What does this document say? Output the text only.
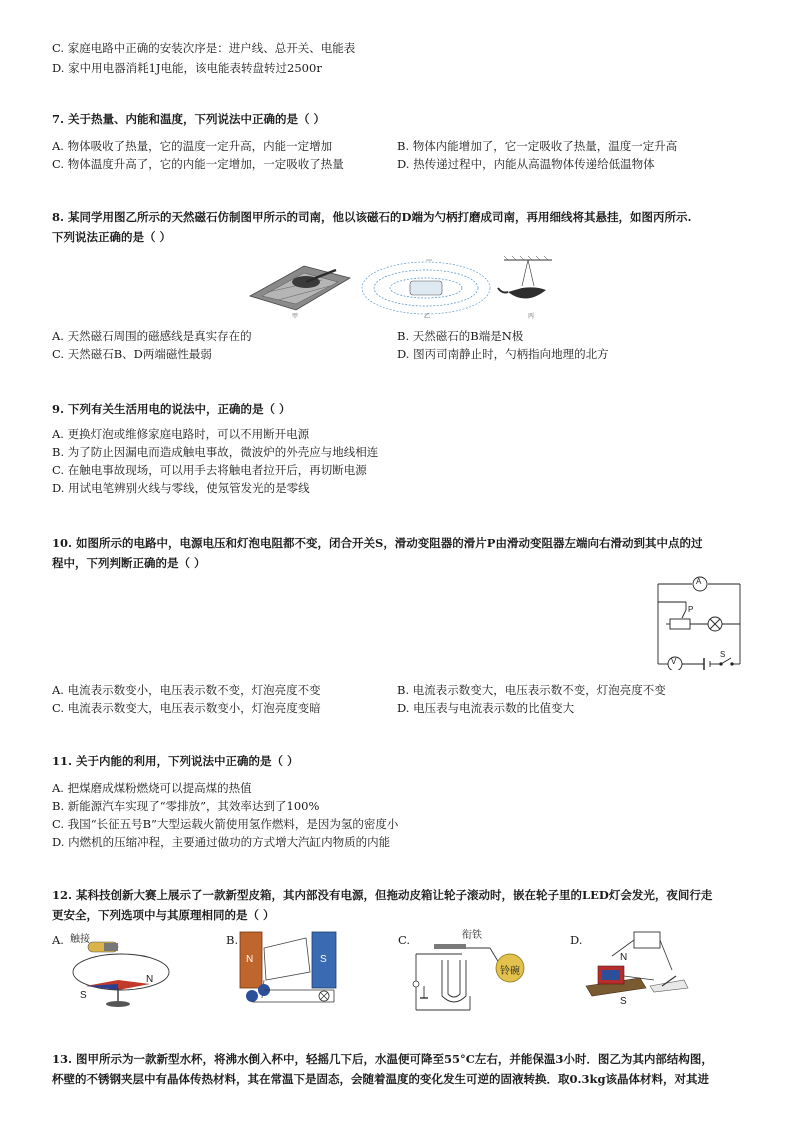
C. 家庭电路中正确的安装次序是：进户线、总开关、电能表
D. 家中用电器消耗1J电能，该电能表转盘转过2500r
7. 关于热量、内能和温度，下列说法中正确的是（ ）
A. 物体吸收了热量，它的温度一定升高，内能一定增加	B. 物体内能增加了，它一定吸收了热量，温度一定升高
C. 物体温度升高了，它的内能一定增加，一定吸收了热量	D. 热传递过程中，内能从高温物体传递给低温物体
8. 某同学用图乙所示的天然磁石仿制图甲所示的司南，他以该磁石的D端为勺柄打磨成司南，再用细线将其悬挂，如图丙所示.
下列说法正确的是（ ）
甲	乙	丙
A. 天然磁石周围的磁感线是真实存在的	B. 天然磁石的B端是N极
C. 天然磁石B、D两端磁性最弱	D. 图丙司南静止时，勺柄指向地理的北方
9. 下列有关生活用电的说法中，正确的是（ ）
A. 更换灯泡或维修家庭电路时，可以不用断开电源
B. 为了防止因漏电而造成触电事故，微波炉的外壳应与地线相连
C. 在触电事故现场，可以用手去将触电者拉开后，再切断电源
D. 用试电笔辨别火线与零线，使氖管发光的是零线
10. 如图所示的电路中，电源电压和灯泡电阻都不变，闭合开关S，滑动变阻器的滑片P由滑动变阻器左端向右滑动到其中点的过
程中，下列判断正确的是（ ）
A
V
P
S
A. 电流表示数变小，电压表示数不变，灯泡亮度不变	B. 电流表示数变大，电压表示数不变，灯泡亮度不变
C. 电流表示数变大，电压表示数变小，灯泡亮度变暗	D. 电压表与电流表示数的比值变大
11. 关于内能的利用，下列说法中正确的是（ ）
A. 把煤磨成煤粉燃烧可以提高煤的热值
B. 新能源汽车实现了“零排放”，其效率达到了100%
C. 我国“长征五号B”大型运载火箭使用氢作燃料，是因为氢的密度小
D. 内燃机的压缩冲程，主要通过做功的方式增大汽缸内物质的内能
12. 某科技创新大赛上展示了一款新型皮箱，其内部没有电源，但拖动皮箱让轮子滚动时，嵌在轮子里的LED灯会发光，夜间行走
更安全，下列选项中与其原理相同的是（ ）
A. 触接
S
N
B.
N	S
C.	衔铁
铃碗
D.
N
S
13. 图甲所示为一款新型水杯，将沸水倒入杯中，轻摇几下后，水温便可降至55°C左右，并能保温3小时．图乙为其内部结构图，
杯壁的不锈钢夹层中有晶体传热材料，其在常温下是固态，会随着温度的变化发生可逆的固液转换．取0.3kg该晶体材料，对其进
